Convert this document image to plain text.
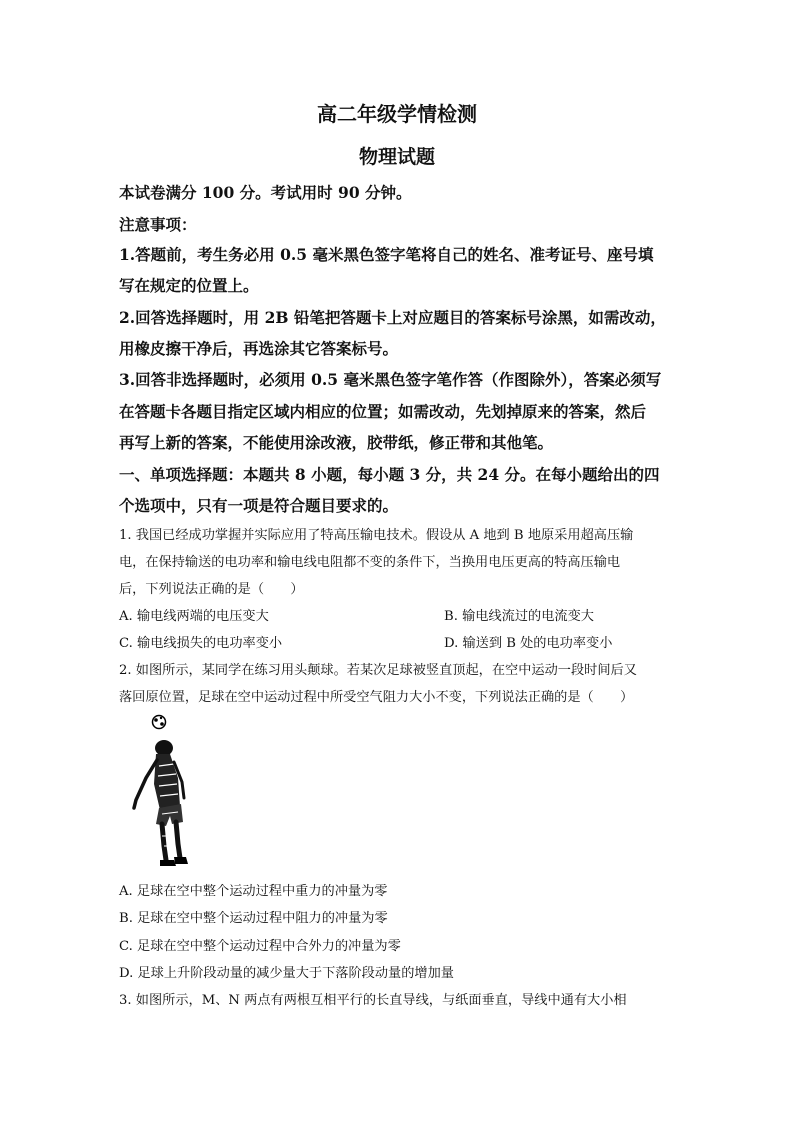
高二年级学情检测
物理试题
本试卷满分 100 分。考试用时 90 分钟。
注意事项：
1.答题前，考生务必用 0.5 毫米黑色签字笔将自己的姓名、准考证号、座号填
写在规定的位置上。
2.回答选择题时，用 2B 铅笔把答题卡上对应题目的答案标号涂黑，如需改动，
用橡皮擦干净后，再选涂其它答案标号。
3.回答非选择题时，必须用 0.5 毫米黑色签字笔作答（作图除外），答案必须写
在答题卡各题目指定区域内相应的位置；如需改动，先划掉原来的答案，然后
再写上新的答案，不能使用涂改液，胶带纸，修正带和其他笔。
一、单项选择题：本题共 8 小题，每小题 3 分，共 24 分。在每小题给出的四
个选项中，只有一项是符合题目要求的。
1. 我国已经成功掌握并实际应用了特高压输电技术。假设从 A 地到 B 地原采用超高压输
电，在保持输送的电功率和输电线电阻都不变的条件下，当换用电压更高的特高压输电
后，下列说法正确的是（　　）
A. 输电线两端的电压变大	B. 输电线流过的电流变大
C. 输电线损失的电功率变小	D. 输送到 B 处的电功率变小
2. 如图所示，某同学在练习用头颠球。若某次足球被竖直顶起，在空中运动一段时间后又
落回原位置，足球在空中运动过程中所受空气阻力大小不变，下列说法正确的是（　　）
A. 足球在空中整个运动过程中重力的冲量为零
B. 足球在空中整个运动过程中阻力的冲量为零
C. 足球在空中整个运动过程中合外力的冲量为零
D. 足球上升阶段动量的减少量大于下落阶段动量的增加量
3. 如图所示，M、N 两点有两根互相平行的长直导线，与纸面垂直，导线中通有大小相
